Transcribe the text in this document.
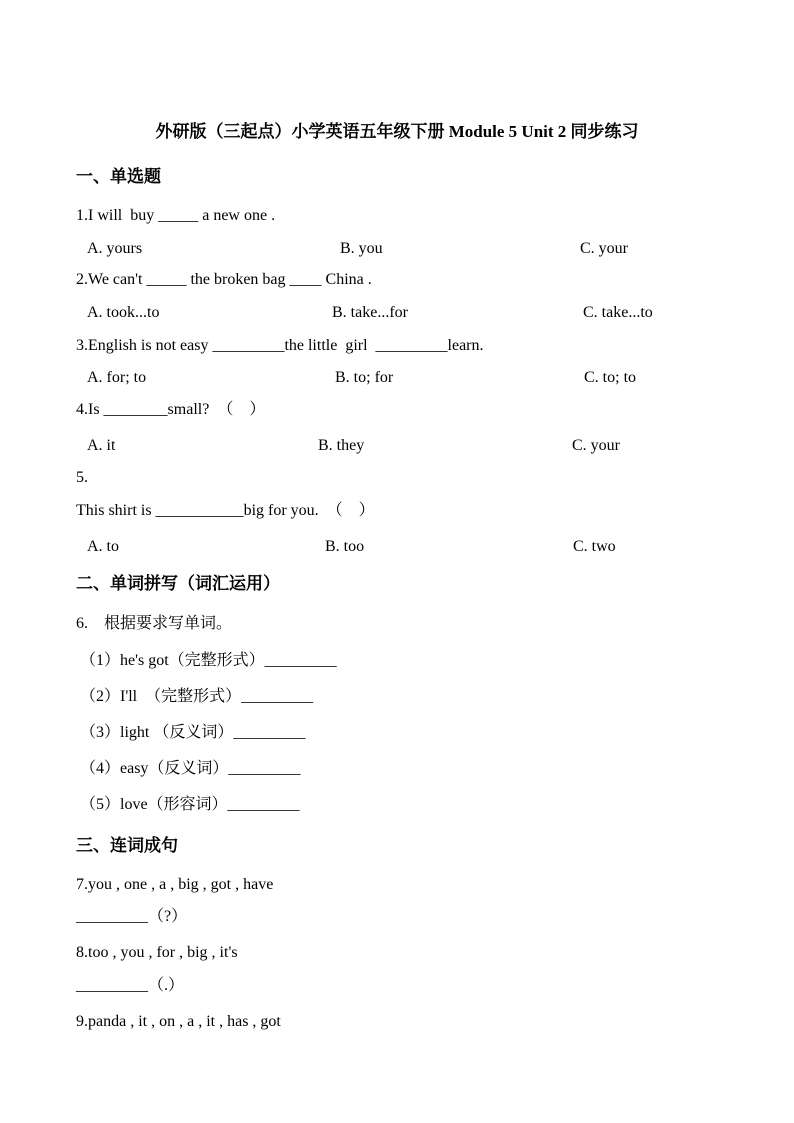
外研版（三起点）小学英语五年级下册 Module 5 Unit 2 同步练习
一、单选题
1.I will  buy _____ a new one .
A. yours	B. you	C. your
2.We can't _____ the broken bag ____ China .
A. took...to	B. take...for	C. take...to
3.English is not easy _________the little  girl  _________learn.
A. for; to	B. to; for	C. to; to
4.Is ________small?  （    ）
A. it	B. they	C. your
5.
This shirt is ___________big for you.  （    ）
A. to	B. too	C. two
二、单词拼写（词汇运用）
6.    根据要求写单词。
（1）he's got（完整形式）_________
（2）I'll  （完整形式）_________
（3）light （反义词）_________
（4）easy（反义词）_________
（5）love（形容词）_________
三、连词成句
7.you , one , a , big , got , have
_________（?）
8.too , you , for , big , it's
_________（.）
9.panda , it , on , a , it , has , got
